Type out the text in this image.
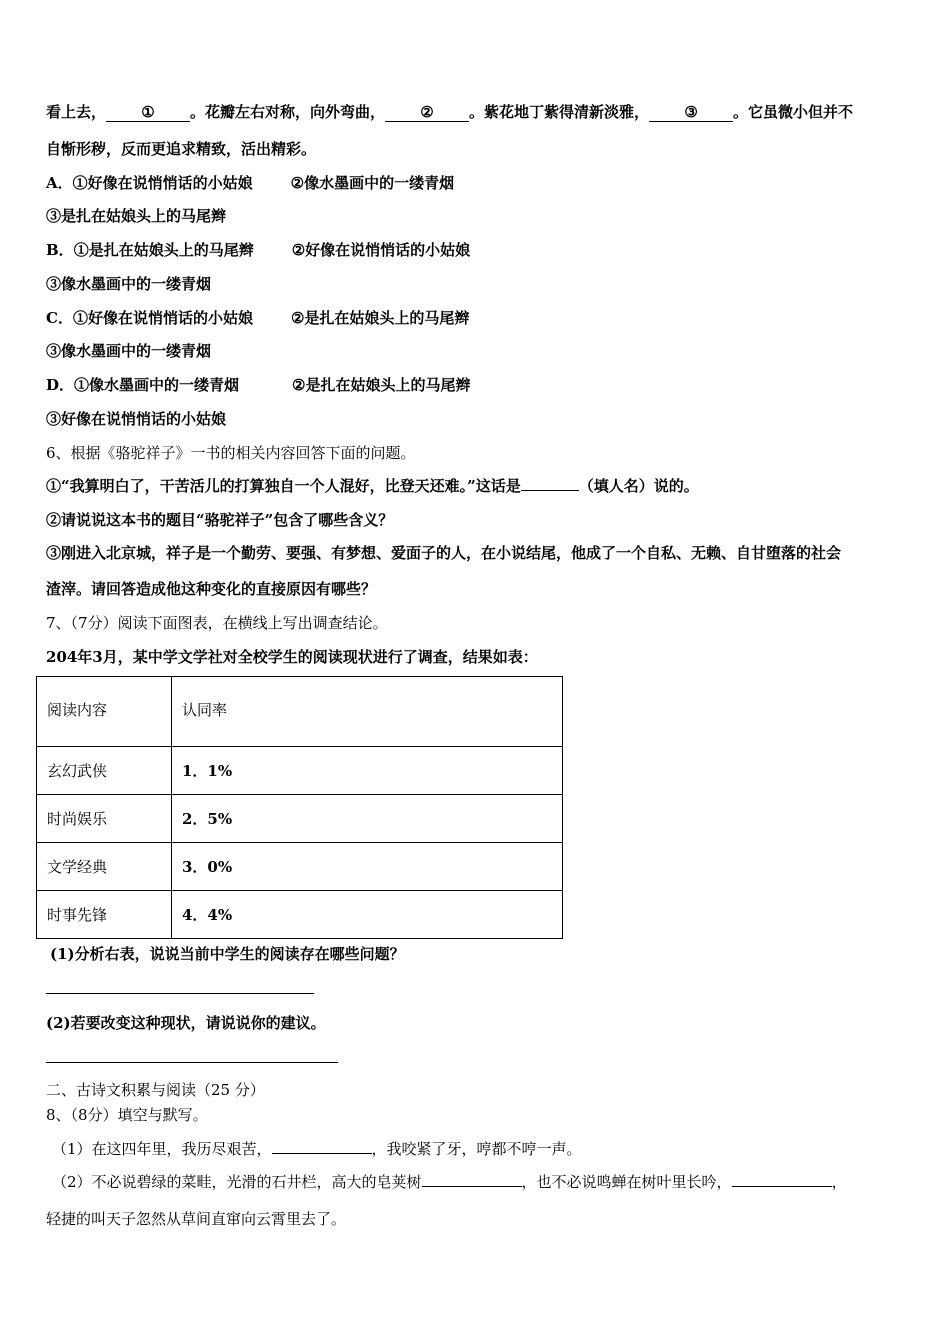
看上去， ① 。花瓣左右对称，向外弯曲， ② 。紫花地丁紫得清新淡雅， ③ 。它虽微小但并不
自惭形秽，反而更追求精致，活出精彩。
A．①好像在说悄悄话的小姑娘	②像水墨画中的一缕青烟
③是扎在姑娘头上的马尾辫
B．①是扎在姑娘头上的马尾辫	②好像在说悄悄话的小姑娘
③像水墨画中的一缕青烟
C．①好像在说悄悄话的小姑娘	②是扎在姑娘头上的马尾辫
③像水墨画中的一缕青烟
D．①像水墨画中的一缕青烟	②是扎在姑娘头上的马尾辫
③好像在说悄悄话的小姑娘
6、根据《骆驼祥子》一书的相关内容回答下面的问题。
①“我算明白了，干苦活儿的打算独自一个人混好，比登天还难。”这话是	（填人名）说的。
②请说说这本书的题目“骆驼祥子”包含了哪些含义？
③刚进入北京城，祥子是一个勤劳、要强、有梦想、爱面子的人，在小说结尾，他成了一个自私、无赖、自甘堕落的社会
渣滓。请回答造成他这种变化的直接原因有哪些？
7、（7分）阅读下面图表，在横线上写出调查结论。
204年3月，某中学文学社对全校学生的阅读现状进行了调查，结果如表：
阅读内容	认同率
玄幻武侠	1．1%
时尚娱乐	2．5%
文学经典	3．0%
时事先锋	4．4%
(1)分析右表，说说当前中学生的阅读存在哪些问题？
(2)若要改变这种现状，请说说你的建议。
二、古诗文积累与阅读（25 分）
8、（8分）填空与默写。
（1）在这四年里，我历尽艰苦，	，我咬紧了牙，哼都不哼一声。
（2）不必说碧绿的菜畦，光滑的石井栏，高大的皂荚树	，也不必说鸣蝉在树叶里长吟，	，
轻捷的叫天子忽然从草间直窜向云霄里去了。
